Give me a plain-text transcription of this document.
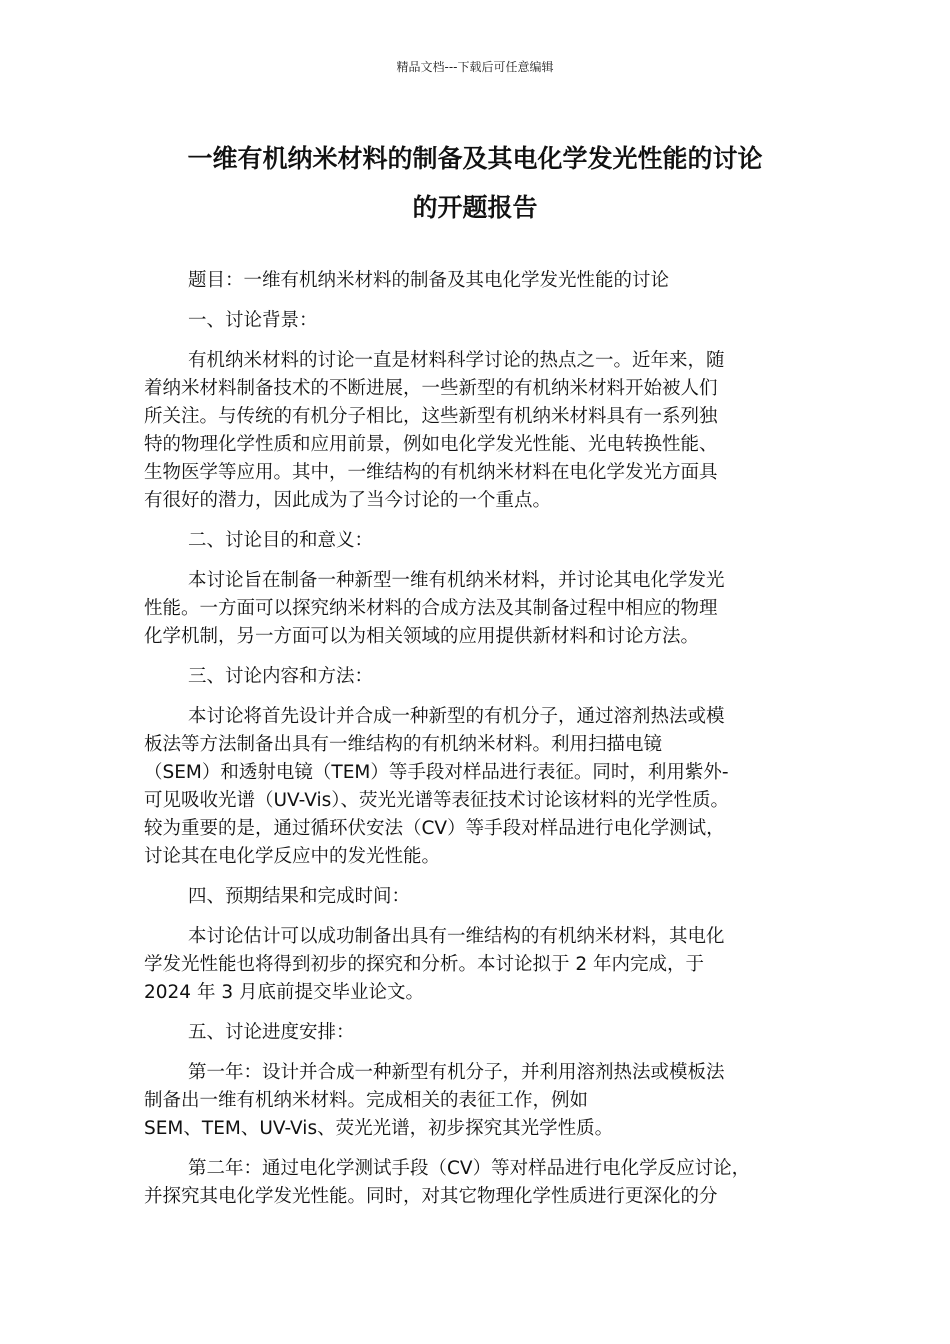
精品文档---下载后可任意编辑
一维有机纳米材料的制备及其电化学发光性能的讨论
的开题报告
题目：一维有机纳米材料的制备及其电化学发光性能的讨论
一、讨论背景：
有机纳米材料的讨论一直是材料科学讨论的热点之一。近年来，随
着纳米材料制备技术的不断进展，一些新型的有机纳米材料开始被人们
所关注。与传统的有机分子相比，这些新型有机纳米材料具有一系列独
特的物理化学性质和应用前景，例如电化学发光性能、光电转换性能、
生物医学等应用。其中，一维结构的有机纳米材料在电化学发光方面具
有很好的潜力，因此成为了当今讨论的一个重点。
二、讨论目的和意义：
本讨论旨在制备一种新型一维有机纳米材料，并讨论其电化学发光
性能。一方面可以探究纳米材料的合成方法及其制备过程中相应的物理
化学机制，另一方面可以为相关领域的应用提供新材料和讨论方法。
三、讨论内容和方法：
本讨论将首先设计并合成一种新型的有机分子，通过溶剂热法或模
板法等方法制备出具有一维结构的有机纳米材料。利用扫描电镜
（SEM）和透射电镜（TEM）等手段对样品进行表征。同时，利用紫外-
可见吸收光谱（UV-Vis）、荧光光谱等表征技术讨论该材料的光学性质。
较为重要的是，通过循环伏安法（CV）等手段对样品进行电化学测试，
讨论其在电化学反应中的发光性能。
四、预期结果和完成时间：
本讨论估计可以成功制备出具有一维结构的有机纳米材料，其电化
学发光性能也将得到初步的探究和分析。本讨论拟于 2 年内完成，于
2024 年 3 月底前提交毕业论文。
五、讨论进度安排：
第一年：设计并合成一种新型有机分子，并利用溶剂热法或模板法
制备出一维有机纳米材料。完成相关的表征工作，例如
SEM、TEM、UV-Vis、荧光光谱，初步探究其光学性质。
第二年：通过电化学测试手段（CV）等对样品进行电化学反应讨论，
并探究其电化学发光性能。同时，对其它物理化学性质进行更深化的分
